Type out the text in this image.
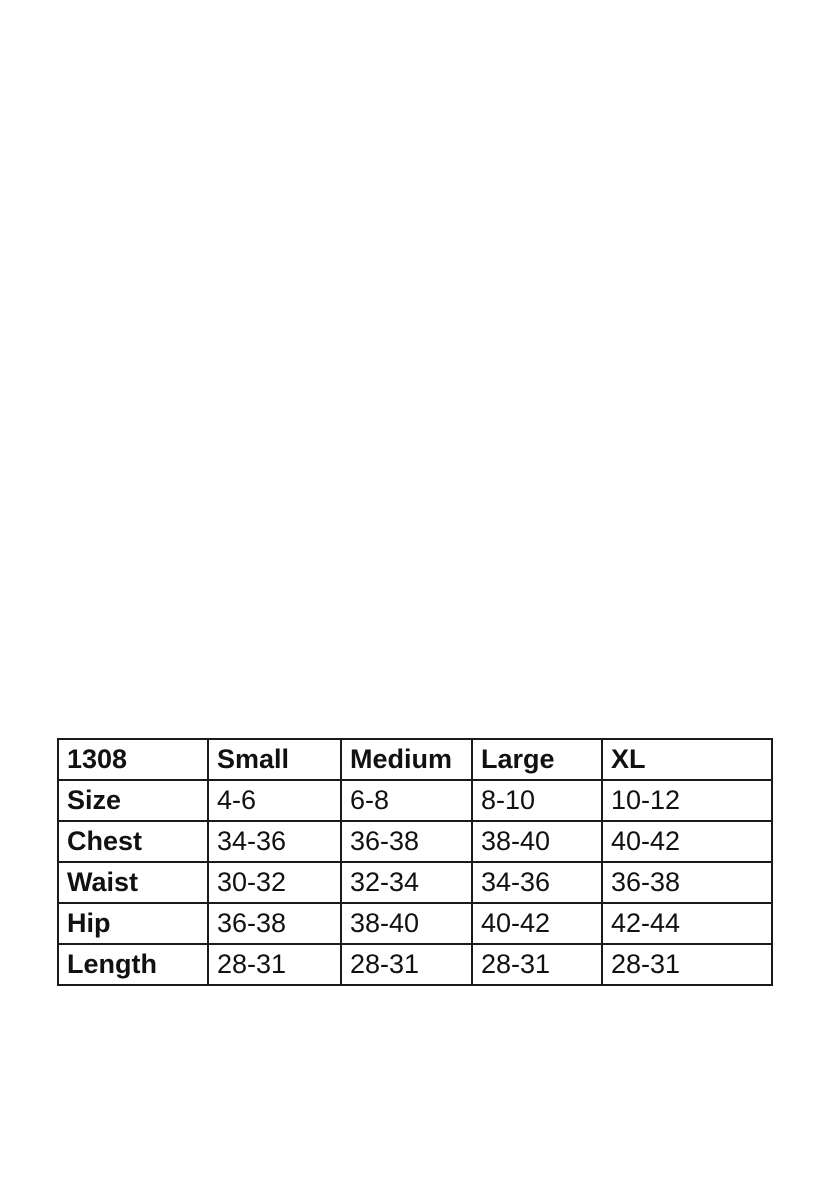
1308	Small	Medium	Large	XL
Size	4-6	6-8	8-10	10-12
Chest	34-36	36-38	38-40	40-42
Waist	30-32	32-34	34-36	36-38
Hip	36-38	38-40	40-42	42-44
Length	28-31	28-31	28-31	28-31
